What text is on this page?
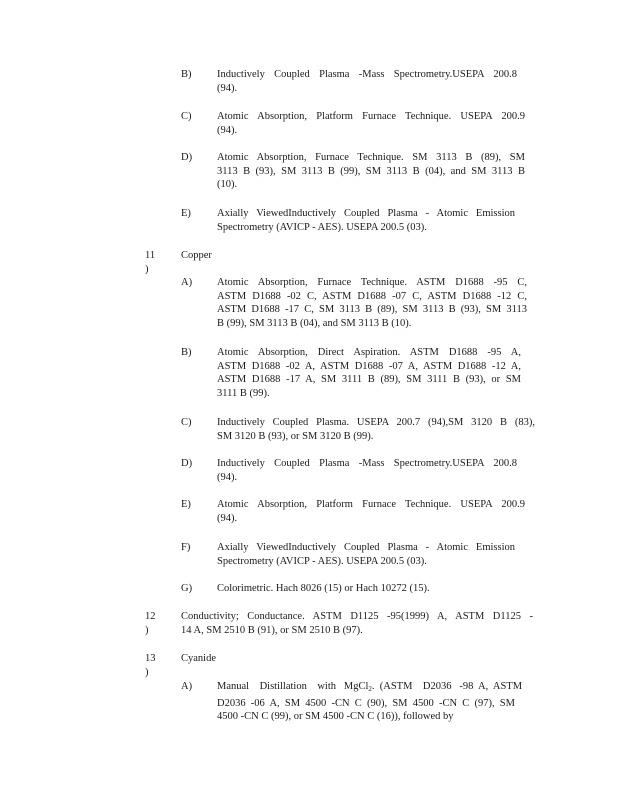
B) Inductively Coupled Plasma -Mass Spectrometry.USEPA 200.8
(94).
C) Atomic Absorption, Platform Furnace Technique. USEPA 200.9
(94).
D) Atomic Absorption, Furnace Technique. SM 3113 B (89), SM
3113 B (93), SM 3113 B (99), SM 3113 B (04), and SM 3113 B
(10).
E) Axially ViewedInductively Coupled Plasma - Atomic Emission
Spectrometry (AVICP - AES). USEPA 200.5 (03).
11 )
Copper
A) Atomic Absorption, Furnace Technique. ASTM D1688 -95 C,
ASTM D1688 -02 C, ASTM D1688 -07 C, ASTM D1688 -12 C,
ASTM D1688 -17 C, SM 3113 B (89), SM 3113 B (93), SM 3113
B (99), SM 3113 B (04), and SM 3113 B (10).
B) Atomic Absorption, Direct Aspiration. ASTM D1688 -95 A,
ASTM D1688 -02 A, ASTM D1688 -07 A, ASTM D1688 -12 A,
ASTM D1688 -17 A, SM 3111 B (89), SM 3111 B (93), or SM
3111 B (99).
C) Inductively Coupled Plasma. USEPA 200.7 (94),SM 3120 B (83),
SM 3120 B (93), or SM 3120 B (99).
D) Inductively Coupled Plasma -Mass Spectrometry.USEPA 200.8
(94).
E) Atomic Absorption, Platform Furnace Technique. USEPA 200.9
(94).
F)	Axially ViewedInductively Coupled Plasma - Atomic Emission
Spectrometry (AVICP - AES). USEPA 200.5 (03).
G) Colorimetric. Hach 8026 (15) or Hach 10272 (15).
12 )
Conductivity; Conductance. ASTM D1125 -95(1999) A, ASTM D1125 -
14 A, SM 2510 B (91), or SM 2510 B (97).
13 )
Cyanide
A) Manual    Distillation    with   MgCl$_2$.  (ASTM    D2036   -98  A,  ASTM
D2036 -06 A, SM 4500 -CN C (90), SM 4500 -CN C (97), SM
4500 -CN C (99), or SM 4500 -CN C (16)), followed by
